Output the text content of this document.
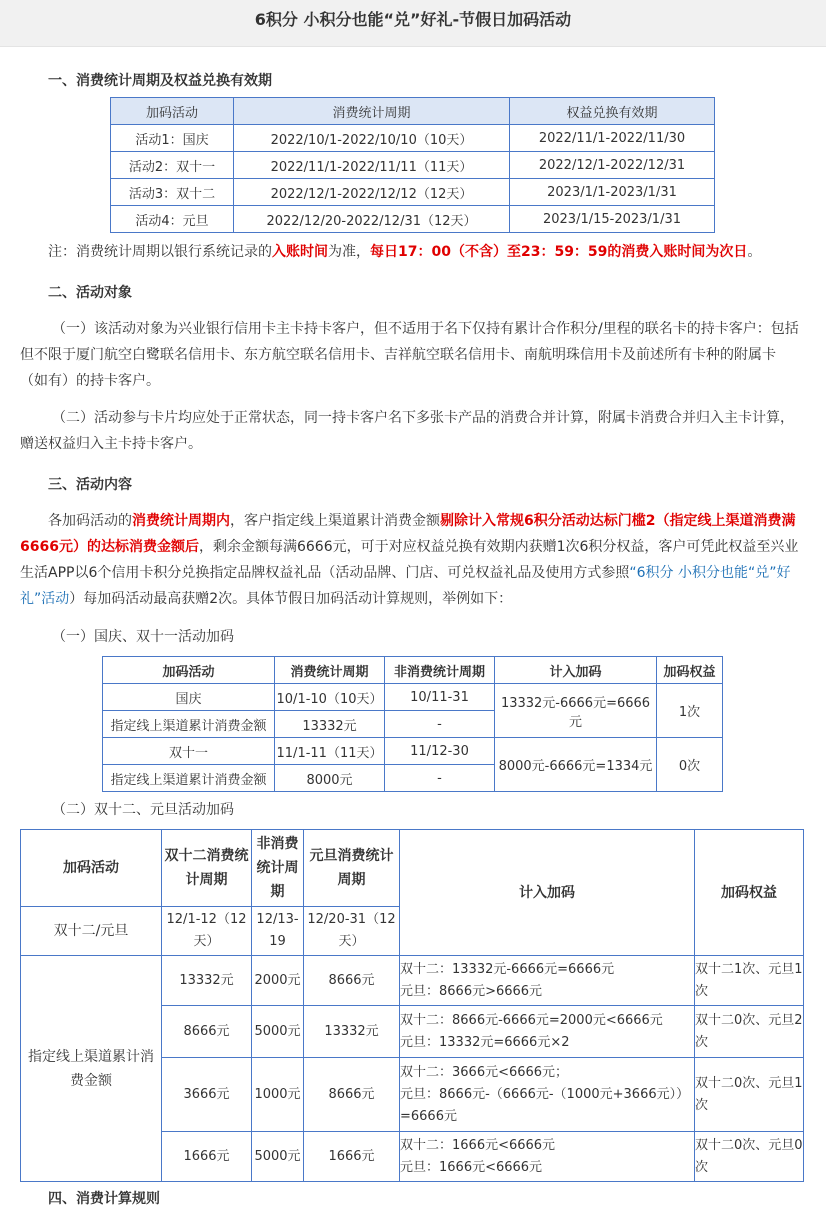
6积分 小积分也能“兑”好礼-节假日加码活动
一、消费统计周期及权益兑换有效期
加码活动	消费统计周期	权益兑换有效期
活动1：国庆	2022/10/1-2022/10/10（10天）	2022/11/1-2022/11/30
活动2：双十一	2022/11/1-2022/11/11（11天）	2022/12/1-2022/12/31
活动3：双十二	2022/12/1-2022/12/12（12天）	2023/1/1-2023/1/31
活动4：元旦	2022/12/20-2022/12/31（12天）	2023/1/15-2023/1/31
注：消费统计周期以银行系统记录的入账时间为准，每日17：00（不含）至23：59：59的消费入账时间为次日。
二、活动对象
（一）该活动对象为兴业银行信用卡主卡持卡客户，但不适用于名下仅持有累计合作积分/里程的联名卡的持卡客户：包括但不限于厦门航空白鹭联名信用卡、东方航空联名信用卡、吉祥航空联名信用卡、南航明珠信用卡及前述所有卡种的附属卡（如有）的持卡客户。
（二）活动参与卡片均应处于正常状态，同一持卡客户名下多张卡产品的消费合并计算，附属卡消费合并归入主卡计算，赠送权益归入主卡持卡客户。
三、活动内容
各加码活动的消费统计周期内，客户指定线上渠道累计消费金额剔除计入常规6积分活动达标门槛2（指定线上渠道消费满6666元）的达标消费金额后，剩余金额每满6666元，可于对应权益兑换有效期内获赠1次6积分权益，客户可凭此权益至兴业生活APP以6个信用卡积分兑换指定品牌权益礼品（活动品牌、门店、可兑权益礼品及使用方式参照“6积分 小积分也能“兑”好礼”活动）每加码活动最高获赠2次。具体节假日加码活动计算规则，举例如下：
（一）国庆、双十一活动加码
加码活动	消费统计周期	非消费统计周期	计入加码	加码权益
国庆	10/1-10（10天）	10/11-31	13332元-6666元=6666元	1次
指定线上渠道累计消费金额	13332元	-		
双十一	11/1-11（11天）	11/12-30	8000元-6666元=1334元	0次
指定线上渠道累计消费金额	8000元	-		
（二）双十二、元旦活动加码
加码活动	双十二消费统计周期	非消费统计周期	元旦消费统计周期	计入加码	加码权益
双十二/元旦	12/1-12（12天）	12/13-19	12/20-31（12天）		
指定线上渠道累计消费金额	13332元	2000元	8666元	双十二：13332元-6666元=6666元
元旦：8666元>6666元	双十二1次、元旦1次
	8666元	5000元	13332元	双十二：8666元-6666元=2000元<6666元
元旦：13332元=6666元×2	双十二0次、元旦2次
	3666元	1000元	8666元	双十二：3666元<6666元；
元旦：8666元-（6666元-（1000元+3666元））=6666元	双十二0次、元旦1次
	1666元	5000元	1666元	双十二：1666元<6666元
元旦：1666元<6666元	双十二0次、元旦0次
四、消费计算规则
